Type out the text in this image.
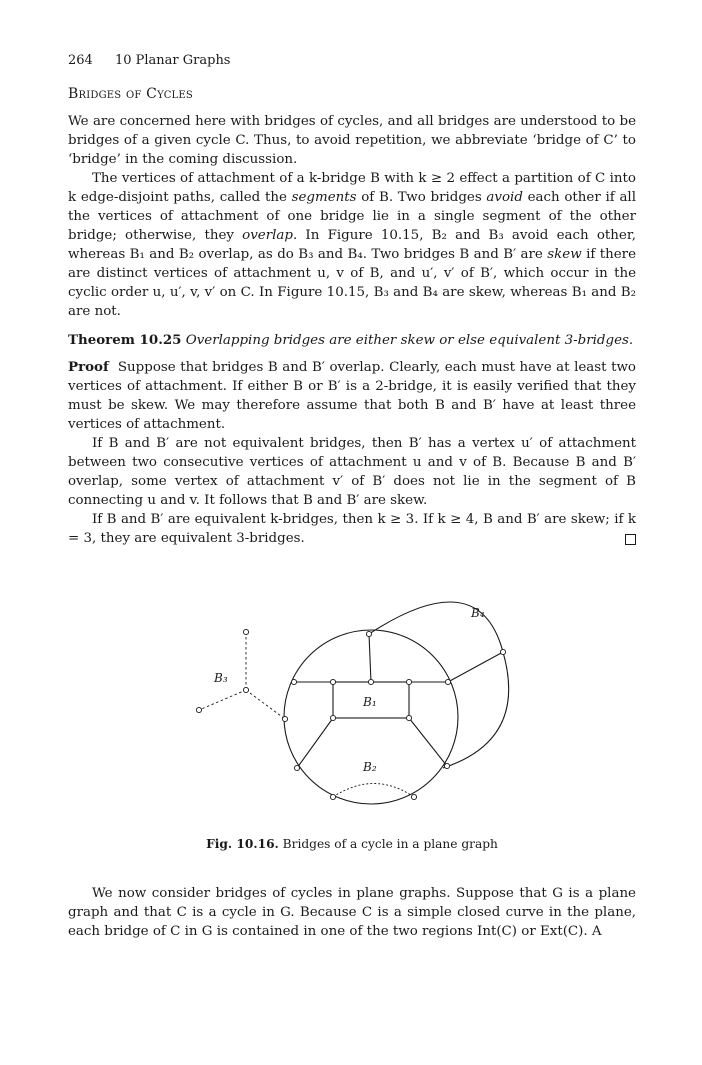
264 10 Planar Graphs
Bridges of Cycles

We are concerned here with bridges of cycles, and all bridges are understood to be bridges of a given cycle C. Thus, to avoid repetition, we abbreviate ‘bridge of C’ to ‘bridge’ in the coming discussion.

The vertices of attachment of a k-bridge B with k ≥ 2 effect a partition of C into k edge-disjoint paths, called the segments of B. Two bridges avoid each other if all the vertices of attachment of one bridge lie in a single segment of the other bridge; otherwise, they overlap. In Figure 10.15, B₂ and B₃ avoid each other, whereas B₁ and B₂ overlap, as do B₃ and B₄. Two bridges B and B′ are skew if there are distinct vertices of attachment u, v of B, and u′, v′ of B′, which occur in the cyclic order u, u′, v, v′ on C. In Figure 10.15, B₃ and B₄ are skew, whereas B₁ and B₂ are not.

Theorem 10.25 Overlapping bridges are either skew or else equivalent 3-bridges.

Proof Suppose that bridges B and B′ overlap. Clearly, each must have at least two vertices of attachment. If either B or B′ is a 2-bridge, it is easily verified that they must be skew. We may therefore assume that both B and B′ have at least three vertices of attachment.

If B and B′ are not equivalent bridges, then B′ has a vertex u′ of attachment between two consecutive vertices of attachment u and v of B. Because B and B′ overlap, some vertex of attachment v′ of B′ does not lie in the segment of B connecting u and v. It follows that B and B′ are skew.

If B and B′ are equivalent k-bridges, then k ≥ 3. If k ≥ 4, B and B′ are skew; if k = 3, they are equivalent 3-bridges.

B₁
B₂
B₃
B₄
Fig. 10.16. Bridges of a cycle in a plane graph

We now consider bridges of cycles in plane graphs. Suppose that G is a plane graph and that C is a cycle in G. Because C is a simple closed curve in the plane, each bridge of C in G is contained in one of the two regions Int(C) or Ext(C). A
